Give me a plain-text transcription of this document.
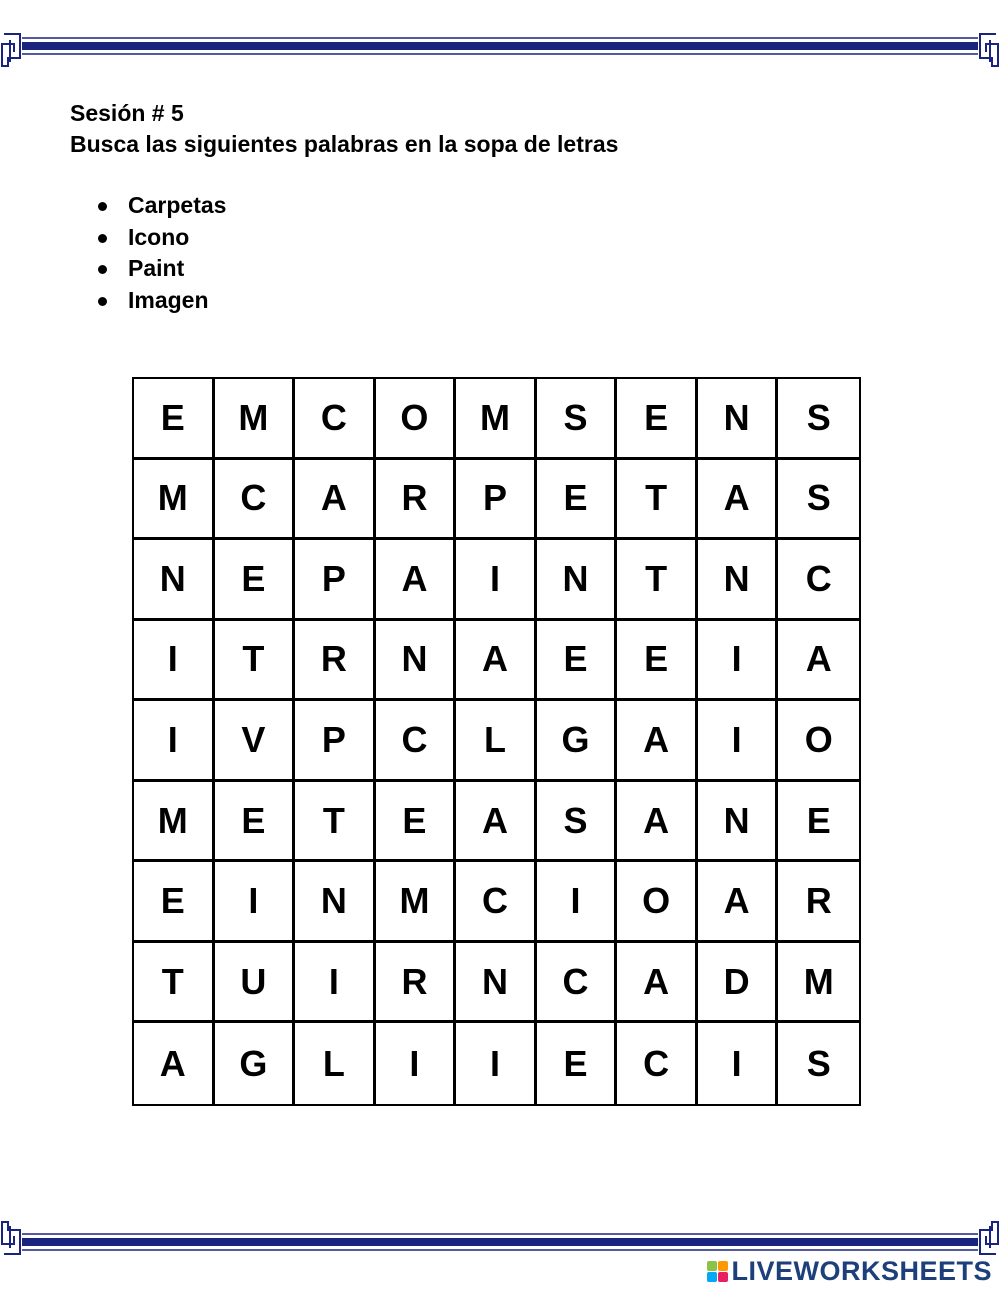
Sesión # 5
Busca las siguientes palabras en la sopa de letras
Carpetas
Icono
Paint
Imagen
E	M	C	O	M	S	E	N	S
M	C	A	R	P	E	T	A	S
N	E	P	A	I	N	T	N	C
I	T	R	N	A	E	E	I	A
I	V	P	C	L	G	A	I	O
M	E	T	E	A	S	A	N	E
E	I	N	M	C	I	O	A	R
T	U	I	R	N	C	A	D	M
A	G	L	I	I	E	C	I	S
LIVEWORKSHEETS
